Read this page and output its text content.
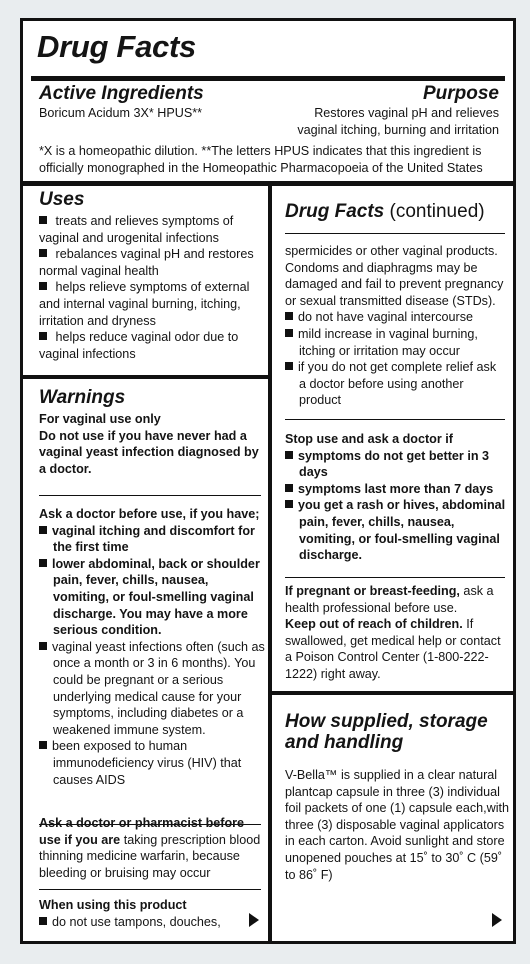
Drug Facts
Active Ingredients	Purpose
Boricum Acidum 3X* HPUS**	Restores vaginal pH and relieves
vaginal itching, burning and irritation
*X is a homeopathic dilution. **The letters HPUS indicates that this ingredient is
officially monographed in the Homeopathic Pharmacopoeia of the United States
Uses
treats and relieves symptoms of vaginal and urogenital infections
rebalances vaginal pH and restores normal vaginal health
helps relieve symptoms of external and internal vaginal burning, itching, irritation and dryness
helps reduce vaginal odor due to vaginal infections
Warnings
For vaginal use only
Do not use if you have never had a vaginal yeast infection diagnosed by a doctor.
Ask a doctor before use, if you have;
vaginal itching and discomfort for the first time
lower abdominal, back or shoulder pain, fever, chills, nausea, vomiting, or foul-smelling vaginal discharge. You may have a more serious condition.
vaginal yeast infections often (such as once a month or 3 in 6 months). You could be pregnant or a serious underlying medical cause for your symptoms, including diabetes or a weakened immune system.
been exposed to human immunodeficiency virus (HIV) that causes AIDS
Ask a doctor or pharmacist before use if you are taking prescription blood thinning medicine warfarin, because bleeding or bruising may occur
When using this product
do not use tampons, douches,
Drug Facts (continued)
spermicides or other vaginal products. Condoms and diaphragms may be damaged and fail to prevent pregnancy or sexual transmitted disease (STDs).
do not have vaginal intercourse
mild increase in vaginal burning, itching or irritation may occur
if you do not get complete relief ask a doctor before using another product
Stop use and ask a doctor if
symptoms do not get better in 3 days
symptoms last more than 7 days
you get a rash or hives, abdominal pain, fever, chills, nausea, vomiting, or foul-smelling vaginal discharge.
If pregnant or breast-feeding, ask a health professional before use.
Keep out of reach of children. If swallowed, get medical help or contact a Poison Control Center (1-800-222-1222) right away.
How supplied, storage and handling
V-Bella™ is supplied in a clear natural plantcap capsule in three (3) individual foil packets of one (1) capsule each,with three (3) disposable vaginal applicators in each carton. Avoid sunlight and store unopened pouches at 15˚ to 30˚ C (59˚ to 86˚ F)
